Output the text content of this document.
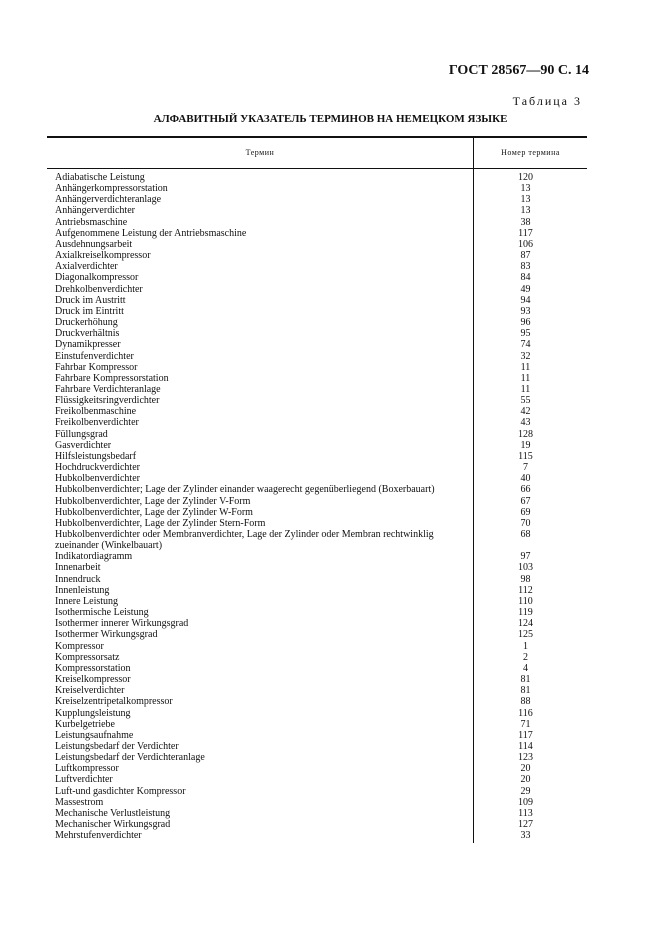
ГОСТ 28567—90 С. 14
Таблица 3
АЛФАВИТНЫЙ УКАЗАТЕЛЬ ТЕРМИНОВ НА НЕМЕЦКОМ ЯЗЫКЕ
Термин	Номер термина
Adiabatische Leistung
Anhängerkompressorstation
Anhängerverdichteranlage
Anhängerverdichter
Antriebsmaschine
Aufgenommene Leistung der Antriebsmaschine
Ausdehnungsarbeit
Axialkreiselkompressor
Axialverdichter
Diagonalkompressor
Drehkolbenverdichter
Druck im Austritt
Druck im Eintritt
Druckerhöhung
Druckverhältnis
Dynamikpresser
Einstufenverdichter
Fahrbar Kompressor
Fahrbare Kompressorstation
Fahrbare Verdichteranlage
Flüssigkeitsringverdichter
Freikolbenmaschine
Freikolbenverdichter
Füllungsgrad
Gasverdichter
Hilfsleistungsbedarf
Hochdruckverdichter
Hubkolbenverdichter
Hubkolbenverdichter; Lage der Zylinder einander waagerecht gegenüberliegend (Boxerbauart)
Hubkolbenverdichter, Lage der Zylinder V-Form
Hubkolbenverdichter, Lage der Zylinder W-Form
Hubkolbenverdichter, Lage der Zylinder Stern-Form
Hubkolbenverdichter oder Membranverdichter, Lage der Zylinder oder Membran rechtwinklig zueinander (Winkelbauart)
Indikatordiagramm
Innenarbeit
Innendruck
Innenleistung
Innere Leistung
Isothermische Leistung
Isothermer innerer Wirkungsgrad
Isothermer Wirkungsgrad
Kompressor
Kompressorsatz
Kompressorstation
Kreiselkompressor
Kreiselverdichter
Kreiselzentripetalkompressor
Kupplungsleistung
Kurbelgetriebe
Leistungsaufnahme
Leistungsbedarf der Verdichter
Leistungsbedarf der Verdichteranlage
Luftkompressor
Luftverdichter
Luft-und gasdichter Kompressor
Massestrom
Mechanische Verlustleistung
Mechanischer Wirkungsgrad
Mehrstufenverdichter
120
13
13
13
38
117
106
87
83
84
49
94
93
96
95
74
32
11
11
11
55
42
43
128
19
115
7
40
66
67
69
70
68
97
103
98
112
110
119
124
125
1
2
4
81
81
88
116
71
117
114
123
20
20
29
109
113
127
33
